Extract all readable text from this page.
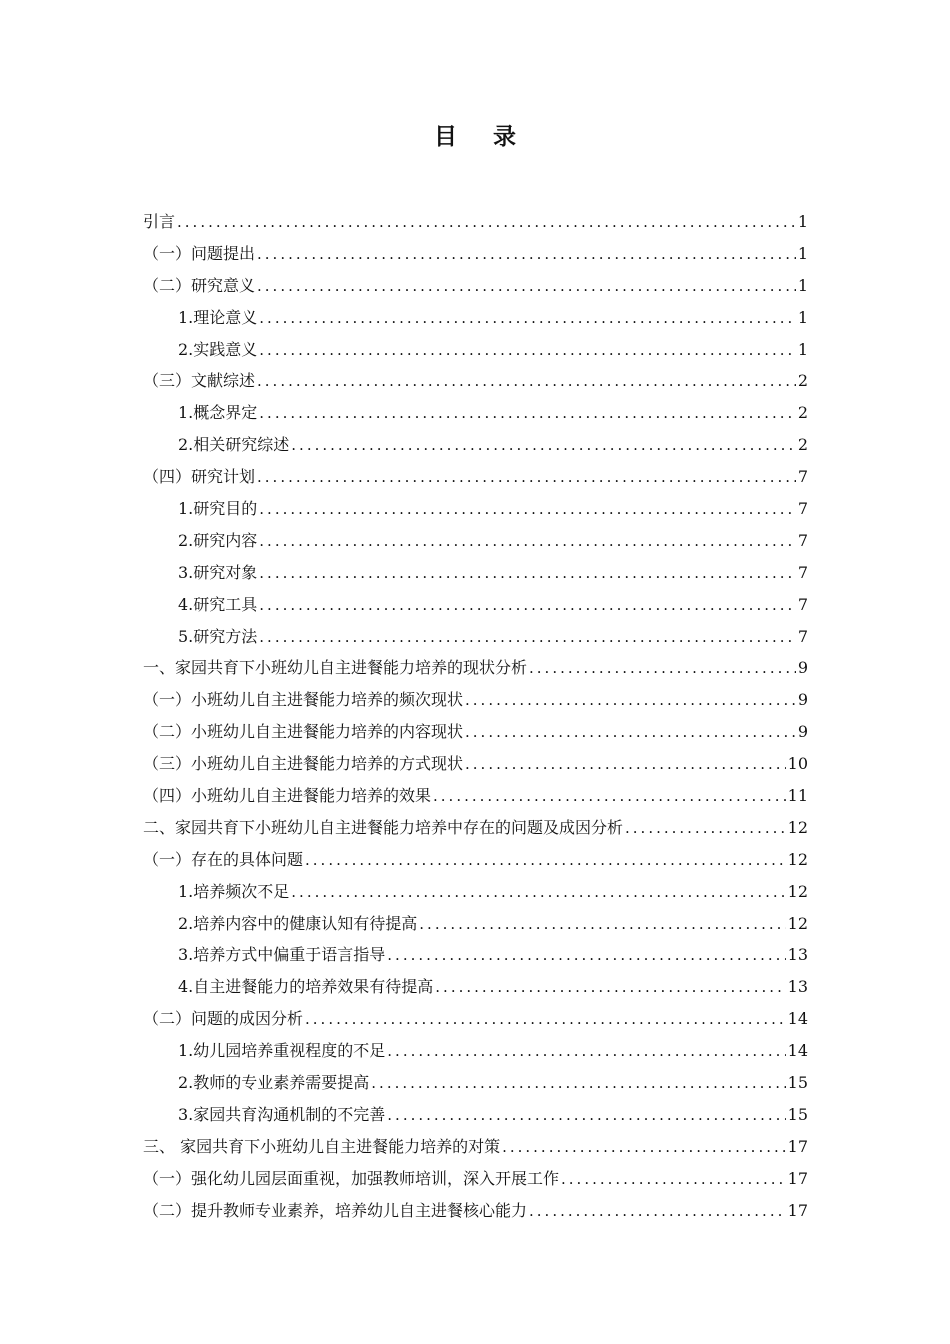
目 录
引言 .....	1
（一）问题提出 .....	1
（二）研究意义 .....	1
1.理论意义 .....	1
2.实践意义 .....	1
（三）文献综述 .....	2
1.概念界定 .....	2
2.相关研究综述 .....	2
（四）研究计划 .....	7
1.研究目的 .....	7
2.研究内容 .....	7
3.研究对象 .....	7
4.研究工具 .....	7
5.研究方法 .....	7
一、家园共育下小班幼儿自主进餐能力培养的现状分析 .....	9
（一）小班幼儿自主进餐能力培养的频次现状 .....	9
（二）小班幼儿自主进餐能力培养的内容现状 .....	9
（三）小班幼儿自主进餐能力培养的方式现状 .....	10
（四）小班幼儿自主进餐能力培养的效果 .....	11
二、家园共育下小班幼儿自主进餐能力培养中存在的问题及成因分析 .....	12
（一）存在的具体问题 .....	12
1.培养频次不足 .....	12
2.培养内容中的健康认知有待提高 .....	12
3.培养方式中偏重于语言指导 .....	13
4.自主进餐能力的培养效果有待提高 .....	13
（二）问题的成因分析 .....	14
1.幼儿园培养重视程度的不足 .....	14
2.教师的专业素养需要提高 .....	15
3.家园共育沟通机制的不完善 .....	15
三、 家园共育下小班幼儿自主进餐能力培养的对策 .....	17
（一）强化幼儿园层面重视，加强教师培训，深入开展工作 .....	17
（二）提升教师专业素养，培养幼儿自主进餐核心能力 .....	17
